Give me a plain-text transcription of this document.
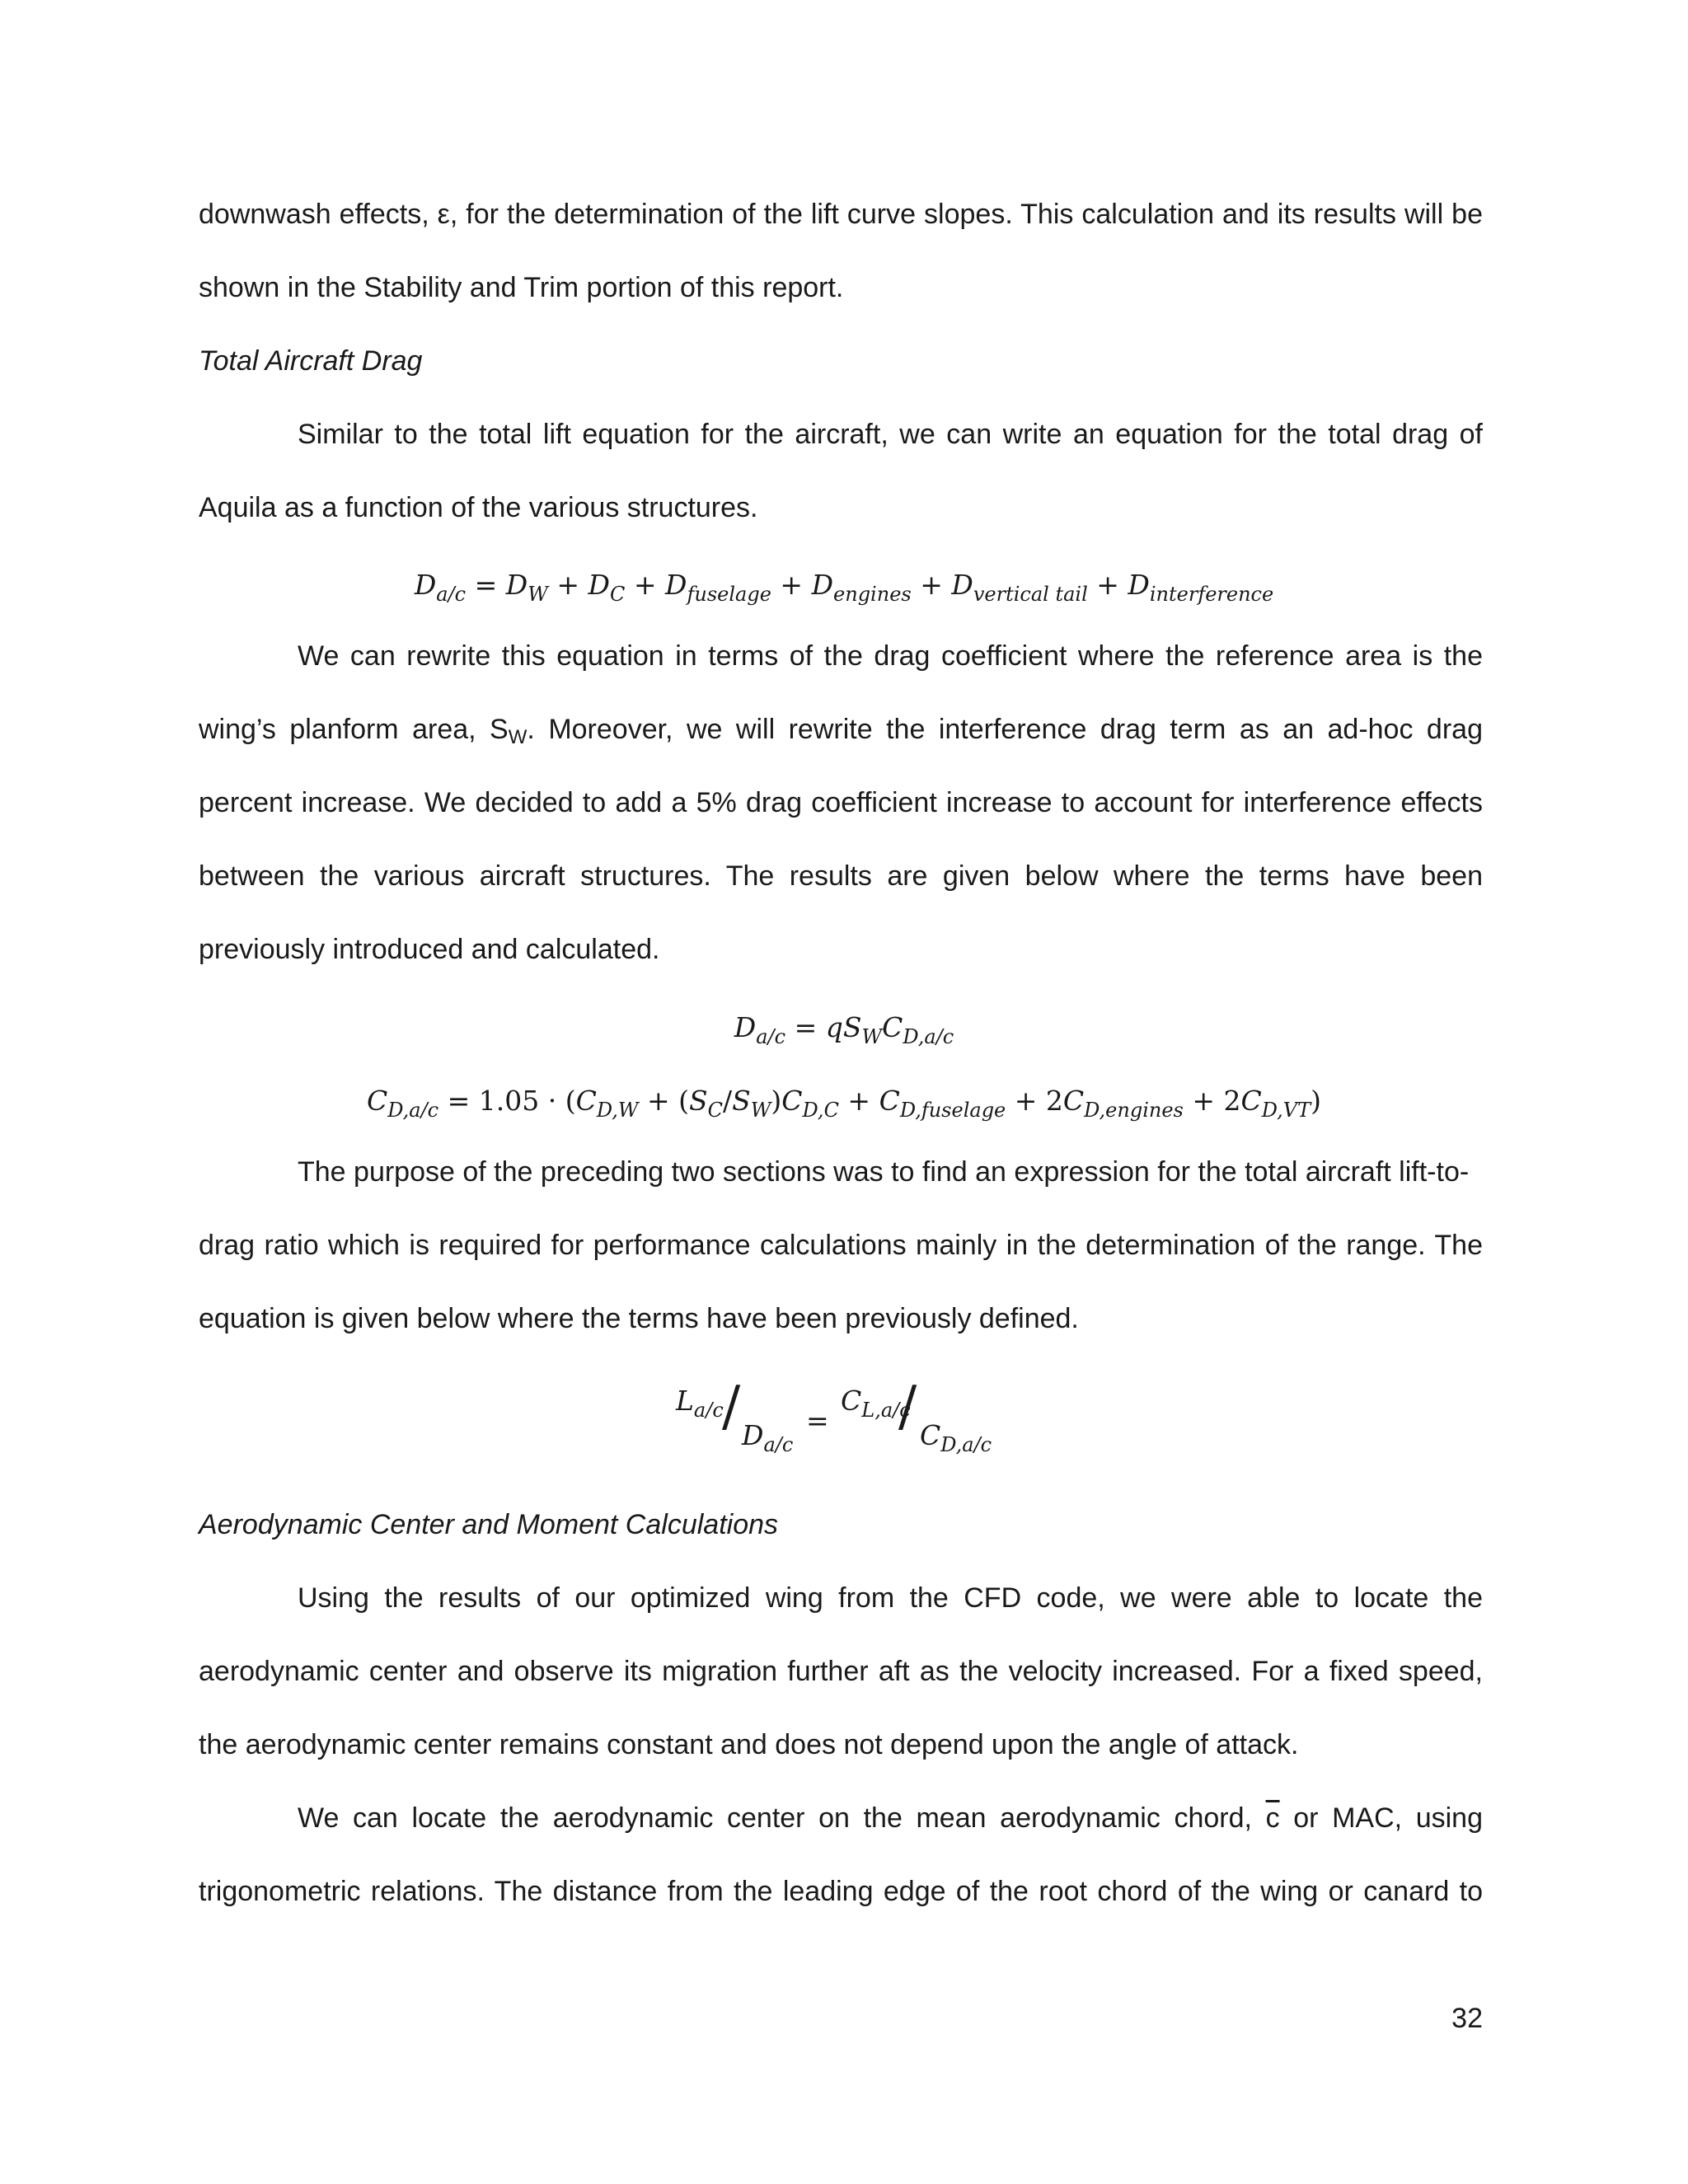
downwash effects, ε, for the determination of the lift curve slopes. This calculation and its results will be
shown in the Stability and Trim portion of this report.
Total Aircraft Drag
Similar to the total lift equation for the aircraft, we can write an equation for the total drag of
Aquila as a function of the various structures.
$D_{a/c} = D_W + D_C + D_{fuselage} + D_{engines} + D_{vertical tail} + D_{interference}$
We can rewrite this equation in terms of the drag coefficient where the reference area is the
wing’s planform area, SW. Moreover, we will rewrite the interference drag term as an ad-hoc drag
percent increase. We decided to add a 5% drag coefficient increase to account for interference effects
between the various aircraft structures. The results are given below where the terms have been
previously introduced and calculated.
$D_{a/c} = qS_WC_{D,a/c}$
$C_{D,a/c} = 1.05 \cdot (C_{D,W} + (S_C/S_W)C_{D,C} + C_{D,fuselage} + 2C_{D,engines} + 2C_{D,VT})$
The purpose of the preceding two sections was to find an expression for the total aircraft lift-to-
drag ratio which is required for performance calculations mainly in the determination of the range. The
equation is given below where the terms have been previously defined.
$L_{a/c}$
/ $D_{a/c}$
=
$C_{L,a/c}$
/ $C_{D,a/c}$
Aerodynamic Center and Moment Calculations
Using the results of our optimized wing from the CFD code, we were able to locate the
aerodynamic center and observe its migration further aft as the velocity increased. For a fixed speed,
the aerodynamic center remains constant and does not depend upon the angle of attack.
We can locate the aerodynamic center on the mean aerodynamic chord, $\overline{c}$ or MAC, using
trigonometric relations. The distance from the leading edge of the root chord of the wing or canard to
32
